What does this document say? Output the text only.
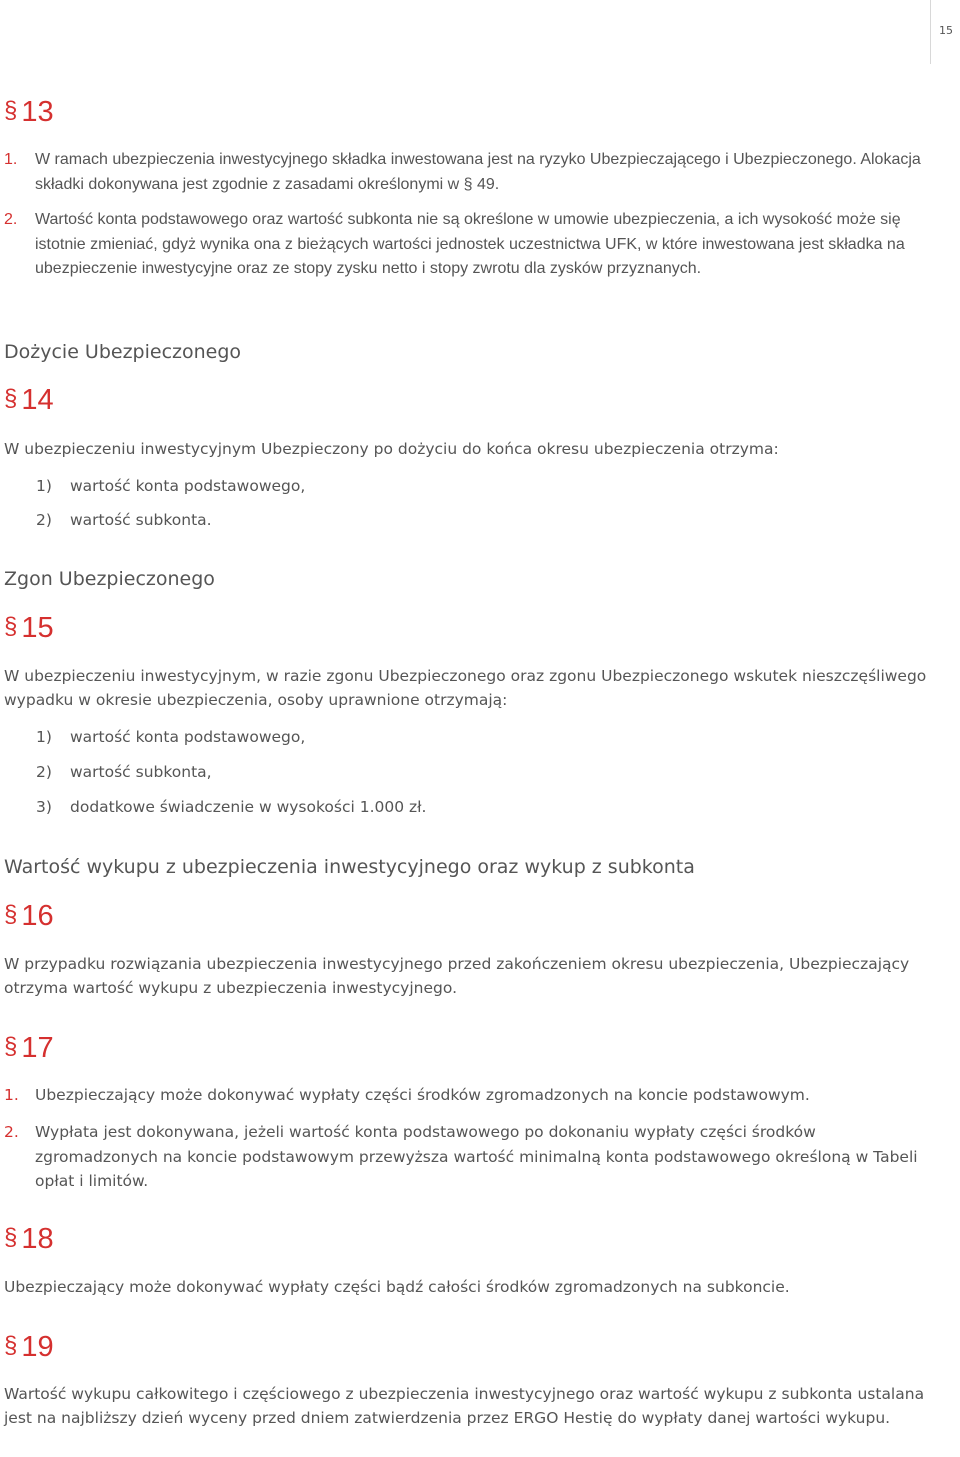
15
§ 13
1. W ramach ubezpieczenia inwestycyjnego składka inwestowana jest na ryzyko Ubezpieczającego i Ubezpieczonego. Alokacja składki dokonywana jest zgodnie z zasadami określonymi w § 49.
2. Wartość konta podstawowego oraz wartość subkonta nie są określone w umowie ubezpieczenia, a ich wysokość może się istotnie zmieniać, gdyż wynika ona z bieżących wartości jednostek uczestnictwa UFK, w które inwestowana jest składka na ubezpieczenie inwestycyjne oraz ze stopy zysku netto i stopy zwrotu dla zysków przyznanych.
Dożycie Ubezpieczonego
§ 14
W ubezpieczeniu inwestycyjnym Ubezpieczony po dożyciu do końca okresu ubezpieczenia otrzyma:
1) wartość konta podstawowego,
2) wartość subkonta.
Zgon Ubezpieczonego
§ 15
W ubezpieczeniu inwestycyjnym, w razie zgonu Ubezpieczonego oraz zgonu Ubezpieczonego wskutek nieszczęśliwego wypadku w okresie ubezpieczenia, osoby uprawnione otrzymają:
1) wartość konta podstawowego,
2) wartość subkonta,
3) dodatkowe świadczenie w wysokości 1.000 zł.
Wartość wykupu z ubezpieczenia inwestycyjnego oraz wykup z subkonta
§ 16
W przypadku rozwiązania ubezpieczenia inwestycyjnego przed zakończeniem okresu ubezpieczenia, Ubezpieczający otrzyma wartość wykupu z ubezpieczenia inwestycyjnego.
§ 17
1. Ubezpieczający może dokonywać wypłaty części środków zgromadzonych na koncie podstawowym.
2. Wypłata jest dokonywana, jeżeli wartość konta podstawowego po dokonaniu wypłaty części środków zgromadzonych na koncie podstawowym przewyższa wartość minimalną konta podstawowego określoną w Tabeli opłat i limitów.
§ 18
Ubezpieczający może dokonywać wypłaty części bądź całości środków zgromadzonych na subkoncie.
§ 19
Wartość wykupu całkowitego i częściowego z ubezpieczenia inwestycyjnego oraz wartość wykupu z subkonta ustalana jest na najbliższy dzień wyceny przed dniem zatwierdzenia przez ERGO Hestię do wypłaty danej wartości wykupu.
